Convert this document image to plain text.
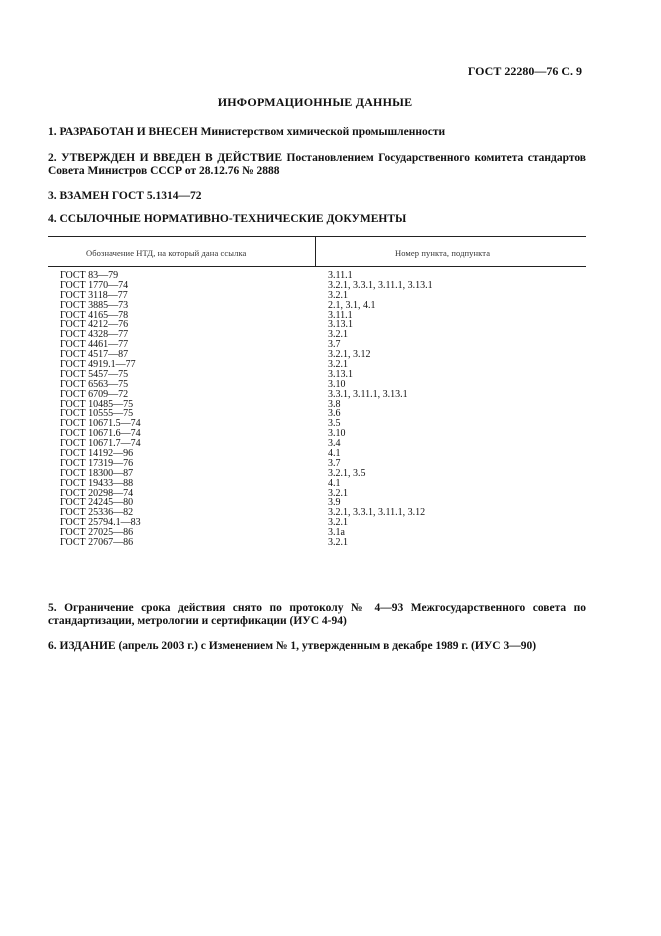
ГОСТ 22280—76 С. 9
ИНФОРМАЦИОННЫЕ ДАННЫЕ
1. РАЗРАБОТАН И ВНЕСЕН Министерством химической промышленности
2. УТВЕРЖДЕН И ВВЕДЕН В ДЕЙСТВИЕ Постановлением Государственного комитета стандартов Совета Министров СССР от 28.12.76 № 2888
3. ВЗАМЕН ГОСТ 5.1314—72
4. ССЫЛОЧНЫЕ НОРМАТИВНО-ТЕХНИЧЕСКИЕ ДОКУМЕНТЫ
Обозначение НТД, на который дана ссылка	Номер пункта, подпункта
ГОСТ 83—79	3.11.1
ГОСТ 1770—74	3.2.1, 3.3.1, 3.11.1, 3.13.1
ГОСТ 3118—77	3.2.1
ГОСТ 3885—73	2.1, 3.1, 4.1
ГОСТ 4165—78	3.11.1
ГОСТ 4212—76	3.13.1
ГОСТ 4328—77	3.2.1
ГОСТ 4461—77	3.7
ГОСТ 4517—87	3.2.1, 3.12
ГОСТ 4919.1—77	3.2.1
ГОСТ 5457—75	3.13.1
ГОСТ 6563—75	3.10
ГОСТ 6709—72	3.3.1, 3.11.1, 3.13.1
ГОСТ 10485—75	3.8
ГОСТ 10555—75	3.6
ГОСТ 10671.5—74	3.5
ГОСТ 10671.6—74	3.10
ГОСТ 10671.7—74	3.4
ГОСТ 14192—96	4.1
ГОСТ 17319—76	3.7
ГОСТ 18300—87	3.2.1, 3.5
ГОСТ 19433—88	4.1
ГОСТ 20298—74	3.2.1
ГОСТ 24245—80	3.9
ГОСТ 25336—82	3.2.1, 3.3.1, 3.11.1, 3.12
ГОСТ 25794.1—83	3.2.1
ГОСТ 27025—86	3.1а
ГОСТ 27067—86	3.2.1
5. Ограничение срока действия снято по протоколу № 4—93 Межгосударственного совета по стандартизации, метрологии и сертификации (ИУС 4-94)
6. ИЗДАНИЕ (апрель 2003 г.) с Изменением № 1, утвержденным в декабре 1989 г. (ИУС 3—90)
